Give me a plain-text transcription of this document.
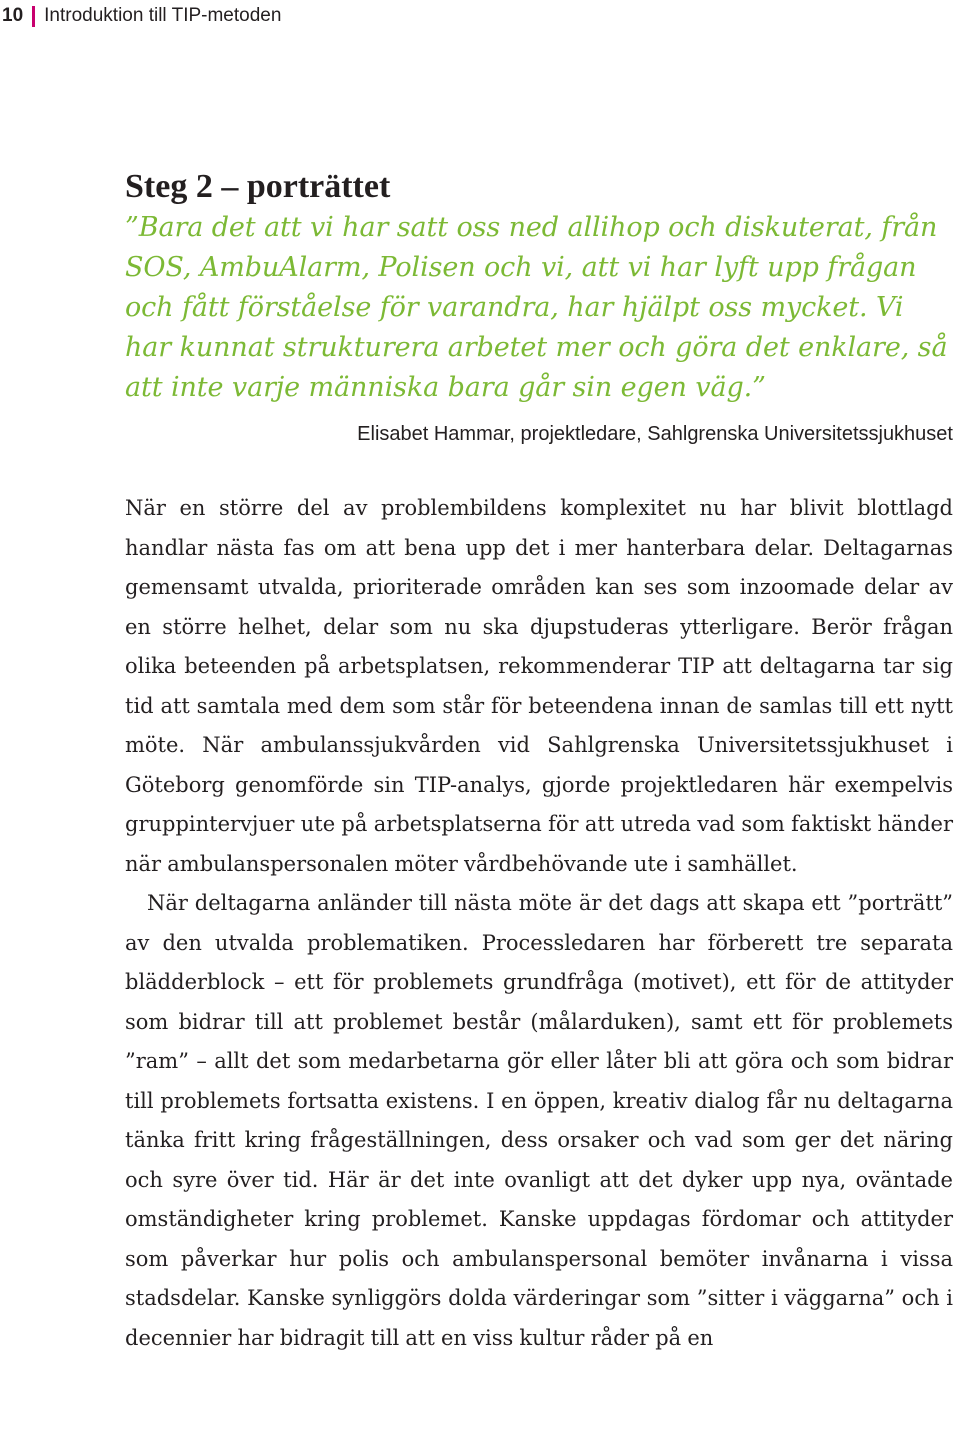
10 Introduktion till TIP-metoden
Steg 2 – porträttet

”Bara det att vi har satt oss ned allihop och diskuterat, från SOS, AmbuAlarm, Polisen och vi, att vi har lyft upp frågan och fått förståelse för varandra, har hjälpt oss mycket. Vi har kunnat strukturera arbetet mer och göra det enklare, så att inte varje människa bara går sin egen väg.”

Elisabet Hammar, projektledare, Sahlgrenska Universitetssjukhuset

När en större del av problembildens komplexitet nu har blivit blottlagd handlar nästa fas om att bena upp det i mer hanterbara delar. Deltagarnas gemensamt utvalda, prioriterade områden kan ses som inzoomade delar av en större helhet, delar som nu ska djupstuderas ytterligare. Berör frågan olika beteenden på arbetsplatsen, rekommenderar TIP att deltagarna tar sig tid att samtala med dem som står för beteendena innan de samlas till ett nytt möte. När ambulanssjukvården vid Sahlgrenska Universitetssjukhuset i Göteborg genomförde sin TIP-analys, gjorde projektledaren här exempelvis gruppintervjuer ute på arbetsplatserna för att utreda vad som faktiskt händer när ambulanspersonalen möter vårdbehövande ute i samhället.

När deltagarna anländer till nästa möte är det dags att skapa ett ”porträtt” av den utvalda problematiken. Processledaren har förberett tre separata blädderblock – ett för problemets grundfråga (motivet), ett för de attityder som bidrar till att problemet består (målarduken), samt ett för problemets ”ram” – allt det som medarbetarna gör eller låter bli att göra och som bidrar till problemets fortsatta existens. I en öppen, kreativ dialog får nu deltagarna tänka fritt kring frågeställningen, dess orsaker och vad som ger det näring och syre över tid. Här är det inte ovanligt att det dyker upp nya, oväntade omständigheter kring problemet. Kanske uppdagas fördomar och attityder som påverkar hur polis och ambulanspersonal bemöter invånarna i vissa stadsdelar. Kanske synliggörs dolda värderingar som ”sitter i väggarna” och i decennier har bidragit till att en viss kultur råder på en
